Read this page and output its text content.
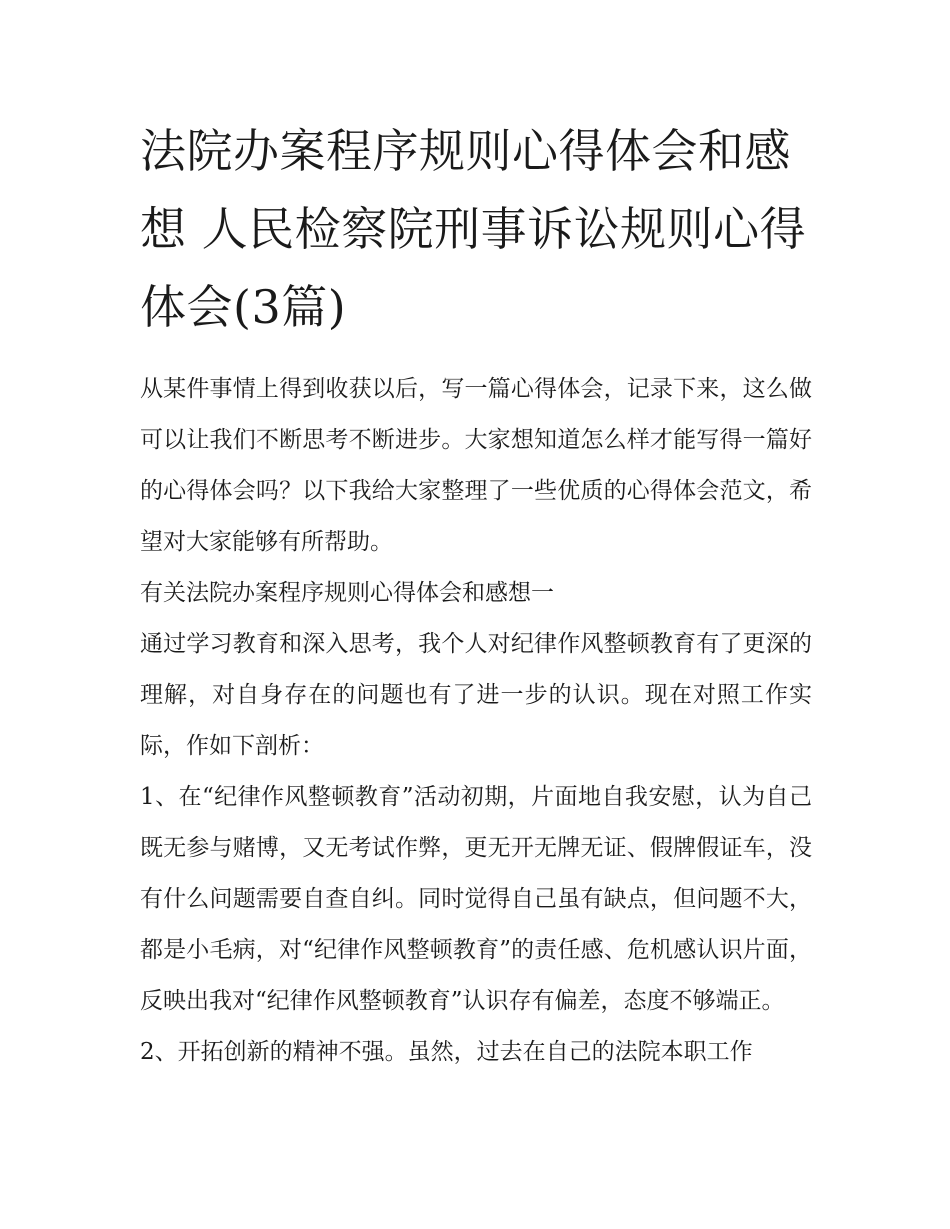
法院办案程序规则心得体会和感想 人民检察院刑事诉讼规则心得体会(3篇)

从某件事情上得到收获以后，写一篇心得体会，记录下来，这么做可以让我们不断思考不断进步。大家想知道怎么样才能写得一篇好的心得体会吗？以下我给大家整理了一些优质的心得体会范文，希望对大家能够有所帮助。

有关法院办案程序规则心得体会和感想一

通过学习教育和深入思考，我个人对纪律作风整顿教育有了更深的理解，对自身存在的问题也有了进一步的认识。现在对照工作实际，作如下剖析：

1、在“纪律作风整顿教育”活动初期，片面地自我安慰，认为自己既无参与赌博，又无考试作弊，更无开无牌无证、假牌假证车，没有什么问题需要自查自纠。同时觉得自己虽有缺点，但问题不大，都是小毛病，对“纪律作风整顿教育”的责任感、危机感认识片面，反映出我对“纪律作风整顿教育”认识存有偏差，态度不够端正。

2、开拓创新的精神不强。虽然，过去在自己的法院本职工作
